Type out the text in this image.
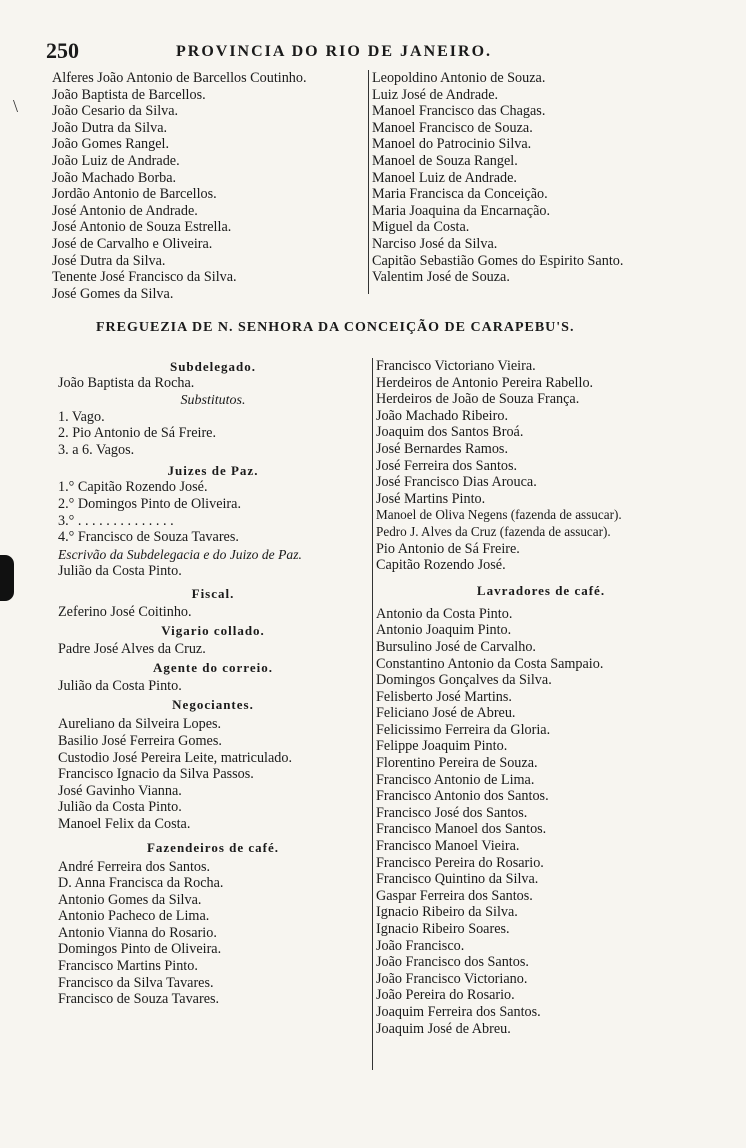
\
250	PROVINCIA DO RIO DE JANEIRO.
Alferes João Antonio de Barcellos Coutinho.
João Baptista de Barcellos.
João Cesario da Silva.
João Dutra da Silva.
João Gomes Rangel.
João Luiz de Andrade.
João Machado Borba.
Jordão Antonio de Barcellos.
José Antonio de Andrade.
José Antonio de Souza Estrella.
José de Carvalho e Oliveira.
José Dutra da Silva.
Tenente José Francisco da Silva.
José Gomes da Silva.
Leopoldino Antonio de Souza.
Luiz José de Andrade.
Manoel Francisco das Chagas.
Manoel Francisco de Souza.
Manoel do Patrocinio Silva.
Manoel de Souza Rangel.
Manoel Luiz de Andrade.
Maria Francisca da Conceição.
Maria Joaquina da Encarnação.
Miguel da Costa.
Narciso José da Silva.
Capitão Sebastião Gomes do Espirito Santo.
Valentim José de Souza.
FREGUEZIA DE N. SENHORA DA CONCEIÇÃO DE CARAPEBU'S.
Subdelegado.
João Baptista da Rocha.
Substitutos.
1. Vago.
2. Pio Antonio de Sá Freire.
3. a 6. Vagos.
Juizes de Paz.
1.° Capitão Rozendo José.
2.° Domingos Pinto de Oliveira.
3.° . . . . . . . . . . . . . .
4.° Francisco de Souza Tavares.
Escrivão da Subdelegacia e do Juizo de Paz.
Julião da Costa Pinto.
Fiscal.
Zeferino José Coitinho.
Vigario collado.
Padre José Alves da Cruz.
Agente do correio.
Julião da Costa Pinto.
Negociantes.
Aureliano da Silveira Lopes.
Basilio José Ferreira Gomes.
Custodio José Pereira Leite, matriculado.
Francisco Ignacio da Silva Passos.
José Gavinho Vianna.
Julião da Costa Pinto.
Manoel Felix da Costa.
Fazendeiros de café.
André Ferreira dos Santos.
D. Anna Francisca da Rocha.
Antonio Gomes da Silva.
Antonio Pacheco de Lima.
Antonio Vianna do Rosario.
Domingos Pinto de Oliveira.
Francisco Martins Pinto.
Francisco da Silva Tavares.
Francisco de Souza Tavares.
Francisco Victoriano Vieira.
Herdeiros de Antonio Pereira Rabello.
Herdeiros de João de Souza França.
João Machado Ribeiro.
Joaquim dos Santos Broá.
José Bernardes Ramos.
José Ferreira dos Santos.
José Francisco Dias Arouca.
José Martins Pinto.
Manoel de Oliva Negens (fazenda de assucar).
Pedro J. Alves da Cruz (fazenda de assucar).
Pio Antonio de Sá Freire.
Capitão Rozendo José.
Lavradores de café.
Antonio da Costa Pinto.
Antonio Joaquim Pinto.
Bursulino José de Carvalho.
Constantino Antonio da Costa Sampaio.
Domingos Gonçalves da Silva.
Felisberto José Martins.
Feliciano José de Abreu.
Felicissimo Ferreira da Gloria.
Felippe Joaquim Pinto.
Florentino Pereira de Souza.
Francisco Antonio de Lima.
Francisco Antonio dos Santos.
Francisco José dos Santos.
Francisco Manoel dos Santos.
Francisco Manoel Vieira.
Francisco Pereira do Rosario.
Francisco Quintino da Silva.
Gaspar Ferreira dos Santos.
Ignacio Ribeiro da Silva.
Ignacio Ribeiro Soares.
João Francisco.
João Francisco dos Santos.
João Francisco Victoriano.
João Pereira do Rosario.
Joaquim Ferreira dos Santos.
Joaquim José de Abreu.
